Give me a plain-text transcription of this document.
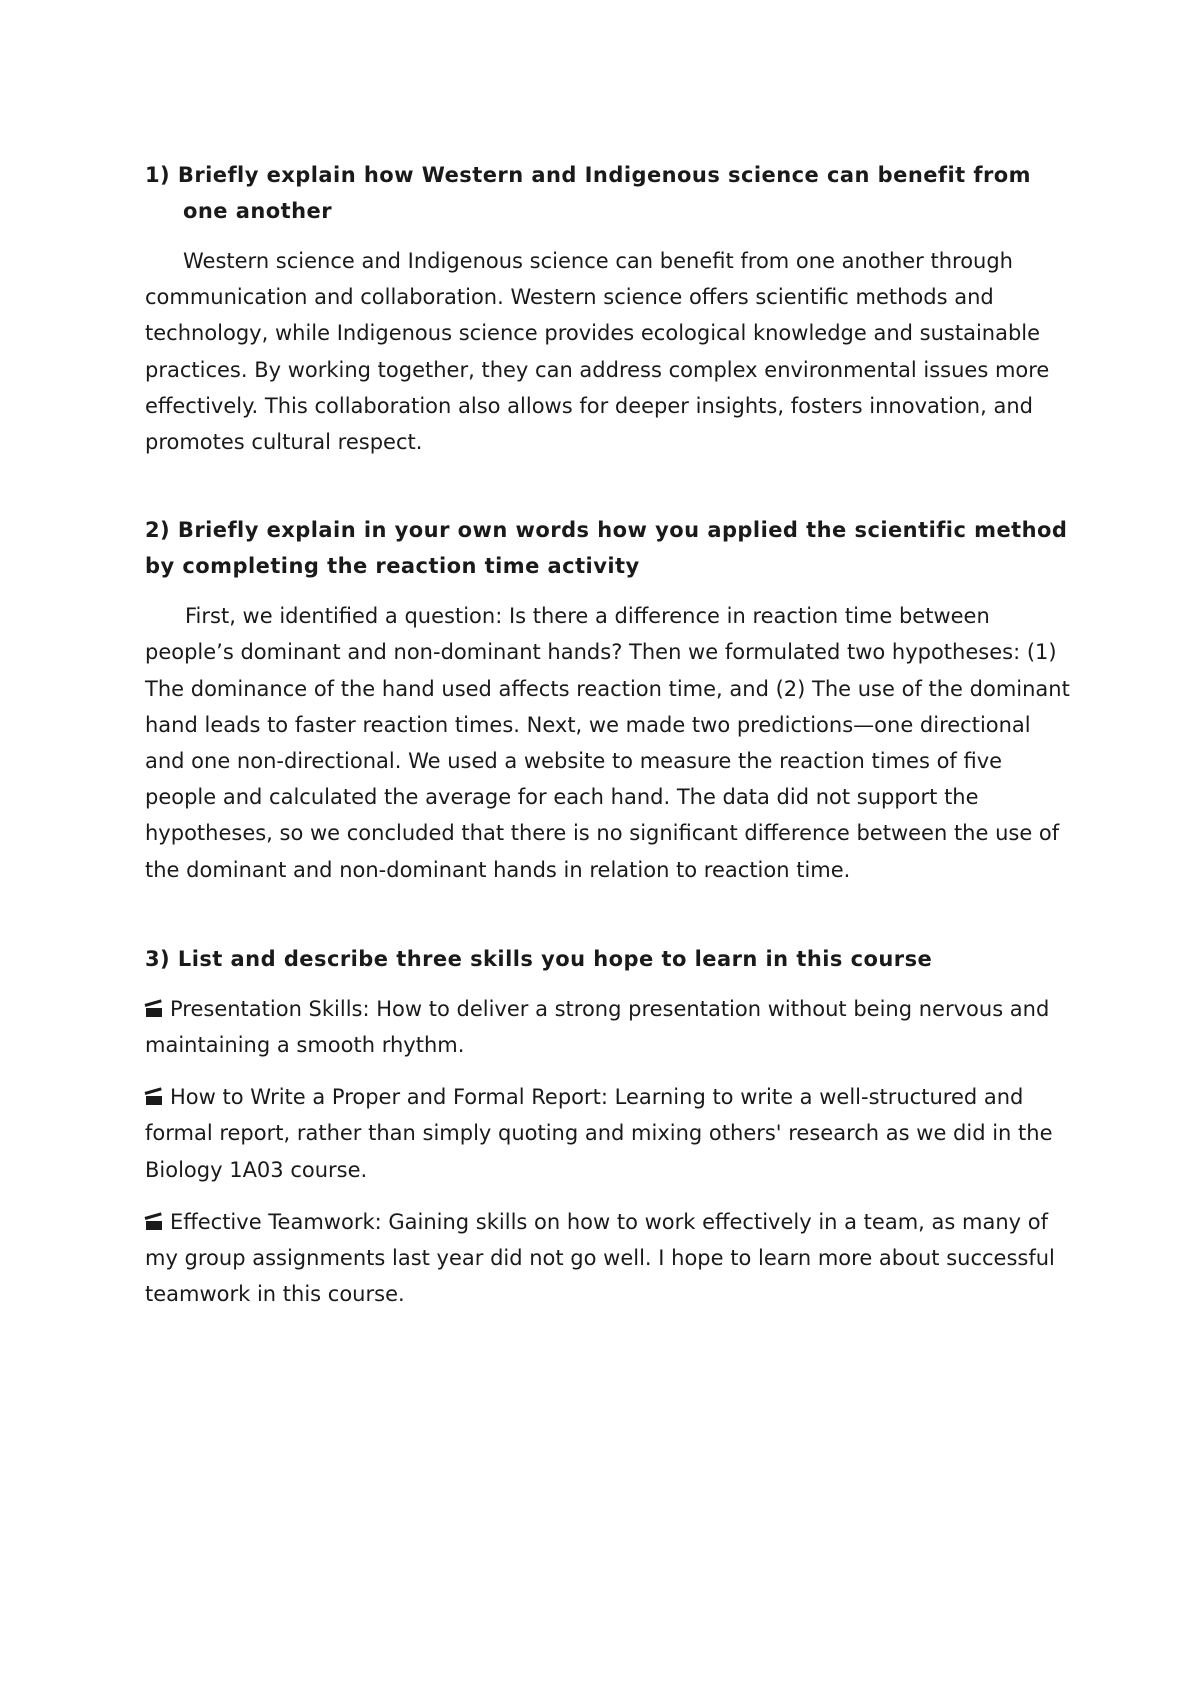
1) Briefly explain how Western and Indigenous science can benefit from one another

Western science and Indigenous science can benefit from one another through communication and collaboration. Western science offers scientific methods and technology, while Indigenous science provides ecological knowledge and sustainable practices. By working together, they can address complex environmental issues more effectively. This collaboration also allows for deeper insights, fosters innovation, and promotes cultural respect.

2) Briefly explain in your own words how you applied the scientific method by completing the reaction time activity

First, we identified a question: Is there a difference in reaction time between people’s dominant and non-dominant hands? Then we formulated two hypotheses: (1) The dominance of the hand used affects reaction time, and (2) The use of the dominant hand leads to faster reaction times. Next, we made two predictions—one directional and one non-directional. We used a website to measure the reaction times of five people and calculated the average for each hand. The data did not support the hypotheses, so we concluded that there is no significant difference between the use of the dominant and non-dominant hands in relation to reaction time.

3) List and describe three skills you hope to learn in this course

Presentation Skills: How to deliver a strong presentation without being nervous and maintaining a smooth rhythm.

How to Write a Proper and Formal Report: Learning to write a well-structured and formal report, rather than simply quoting and mixing others' research as we did in the Biology 1A03 course.

Effective Teamwork: Gaining skills on how to work effectively in a team, as many of my group assignments last year did not go well. I hope to learn more about successful teamwork in this course.
